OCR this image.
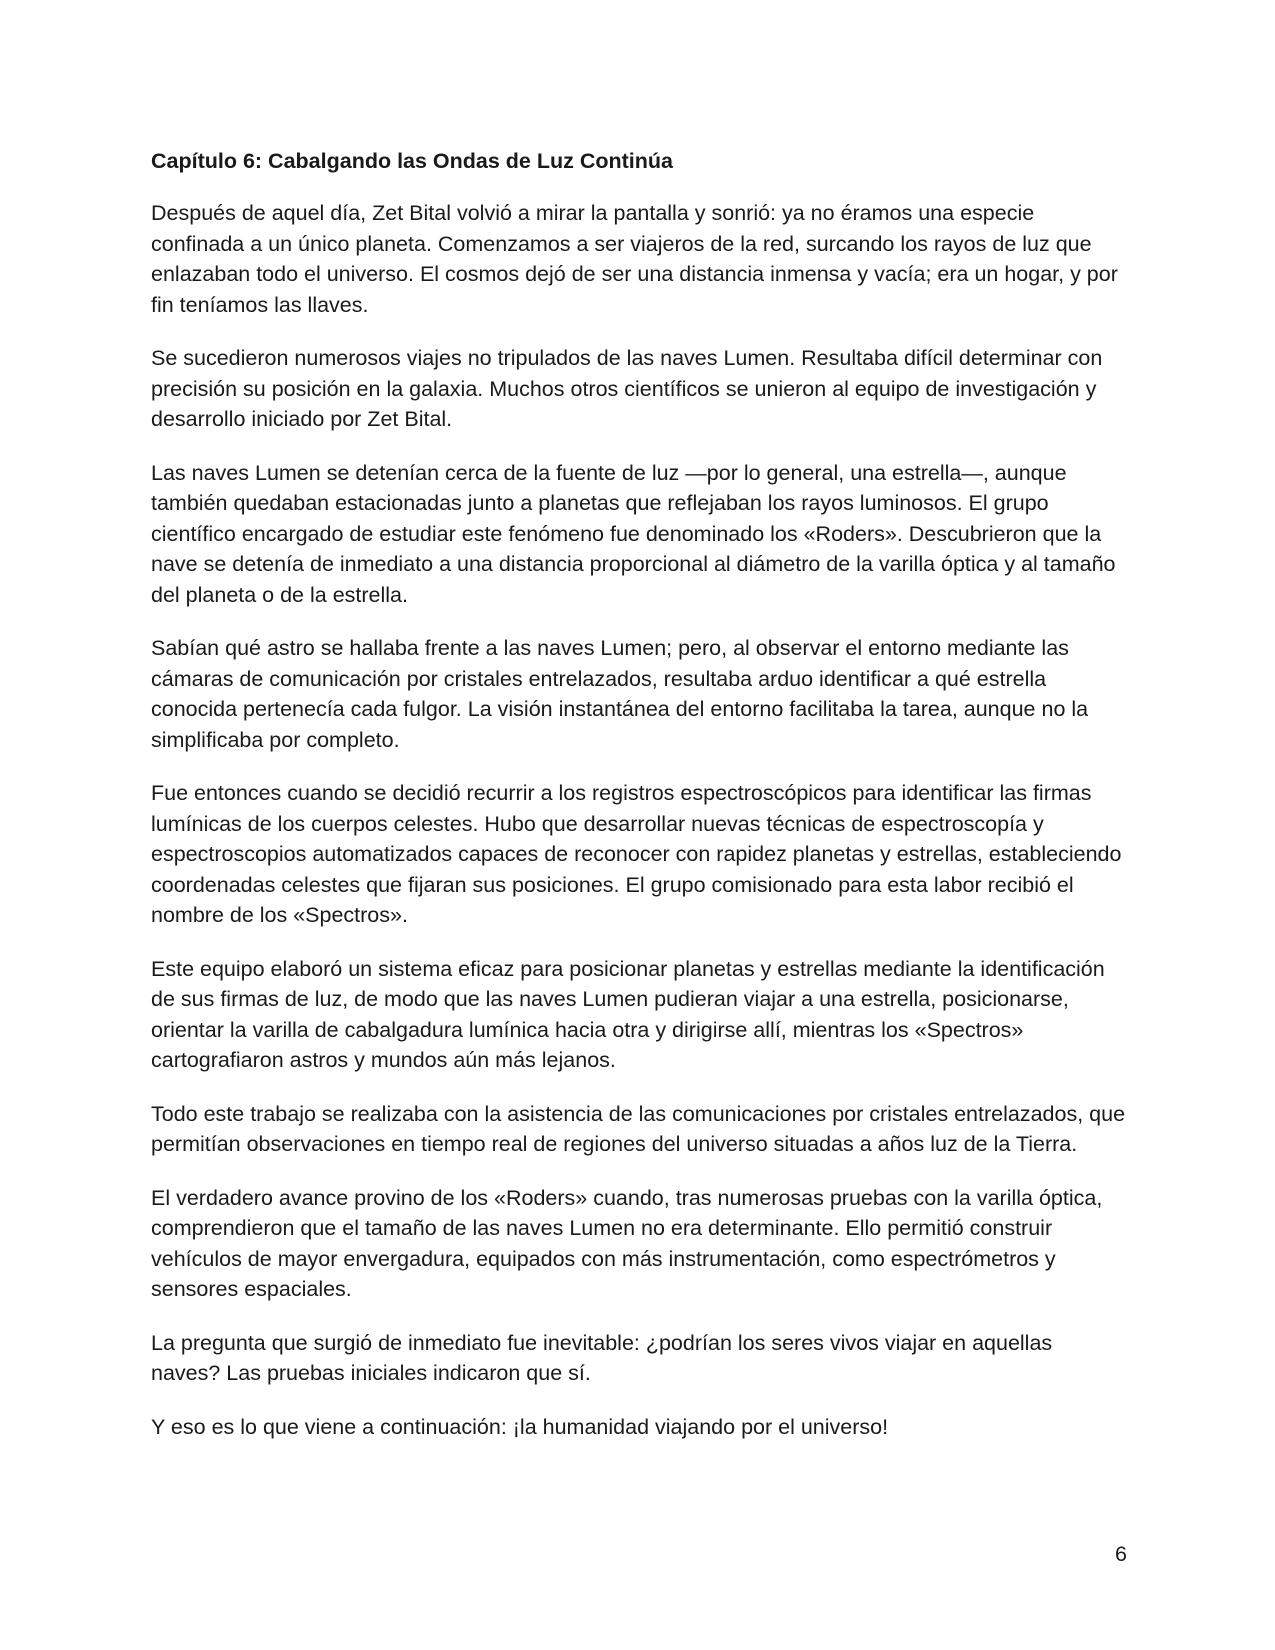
Capítulo 6: Cabalgando las Ondas de Luz Continúa

Después de aquel día, Zet Bital volvió a mirar la pantalla y sonrió: ya no éramos una especie confinada a un único planeta. Comenzamos a ser viajeros de la red, surcando los rayos de luz que enlazaban todo el universo. El cosmos dejó de ser una distancia inmensa y vacía; era un hogar, y por fin teníamos las llaves.

Se sucedieron numerosos viajes no tripulados de las naves Lumen. Resultaba difícil determinar con precisión su posición en la galaxia. Muchos otros científicos se unieron al equipo de investigación y desarrollo iniciado por Zet Bital.

Las naves Lumen se detenían cerca de la fuente de luz —por lo general, una estrella—, aunque también quedaban estacionadas junto a planetas que reflejaban los rayos luminosos. El grupo científico encargado de estudiar este fenómeno fue denominado los «Roders». Descubrieron que la nave se detenía de inmediato a una distancia proporcional al diámetro de la varilla óptica y al tamaño del planeta o de la estrella.

Sabían qué astro se hallaba frente a las naves Lumen; pero, al observar el entorno mediante las cámaras de comunicación por cristales entrelazados, resultaba arduo identificar a qué estrella conocida pertenecía cada fulgor. La visión instantánea del entorno facilitaba la tarea, aunque no la simplificaba por completo.

Fue entonces cuando se decidió recurrir a los registros espectroscópicos para identificar las firmas lumínicas de los cuerpos celestes. Hubo que desarrollar nuevas técnicas de espectroscopía y espectroscopios automatizados capaces de reconocer con rapidez planetas y estrellas, estableciendo coordenadas celestes que fijaran sus posiciones. El grupo comisionado para esta labor recibió el nombre de los «Spectros».

Este equipo elaboró un sistema eficaz para posicionar planetas y estrellas mediante la identificación de sus firmas de luz, de modo que las naves Lumen pudieran viajar a una estrella, posicionarse, orientar la varilla de cabalgadura lumínica hacia otra y dirigirse allí, mientras los «Spectros» cartografiaron astros y mundos aún más lejanos.

Todo este trabajo se realizaba con la asistencia de las comunicaciones por cristales entrelazados, que permitían observaciones en tiempo real de regiones del universo situadas a años luz de la Tierra.

El verdadero avance provino de los «Roders» cuando, tras numerosas pruebas con la varilla óptica, comprendieron que el tamaño de las naves Lumen no era determinante. Ello permitió construir vehículos de mayor envergadura, equipados con más instrumentación, como espectrómetros y sensores espaciales.

La pregunta que surgió de inmediato fue inevitable: ¿podrían los seres vivos viajar en aquellas naves? Las pruebas iniciales indicaron que sí.

Y eso es lo que viene a continuación: ¡la humanidad viajando por el universo!

6
